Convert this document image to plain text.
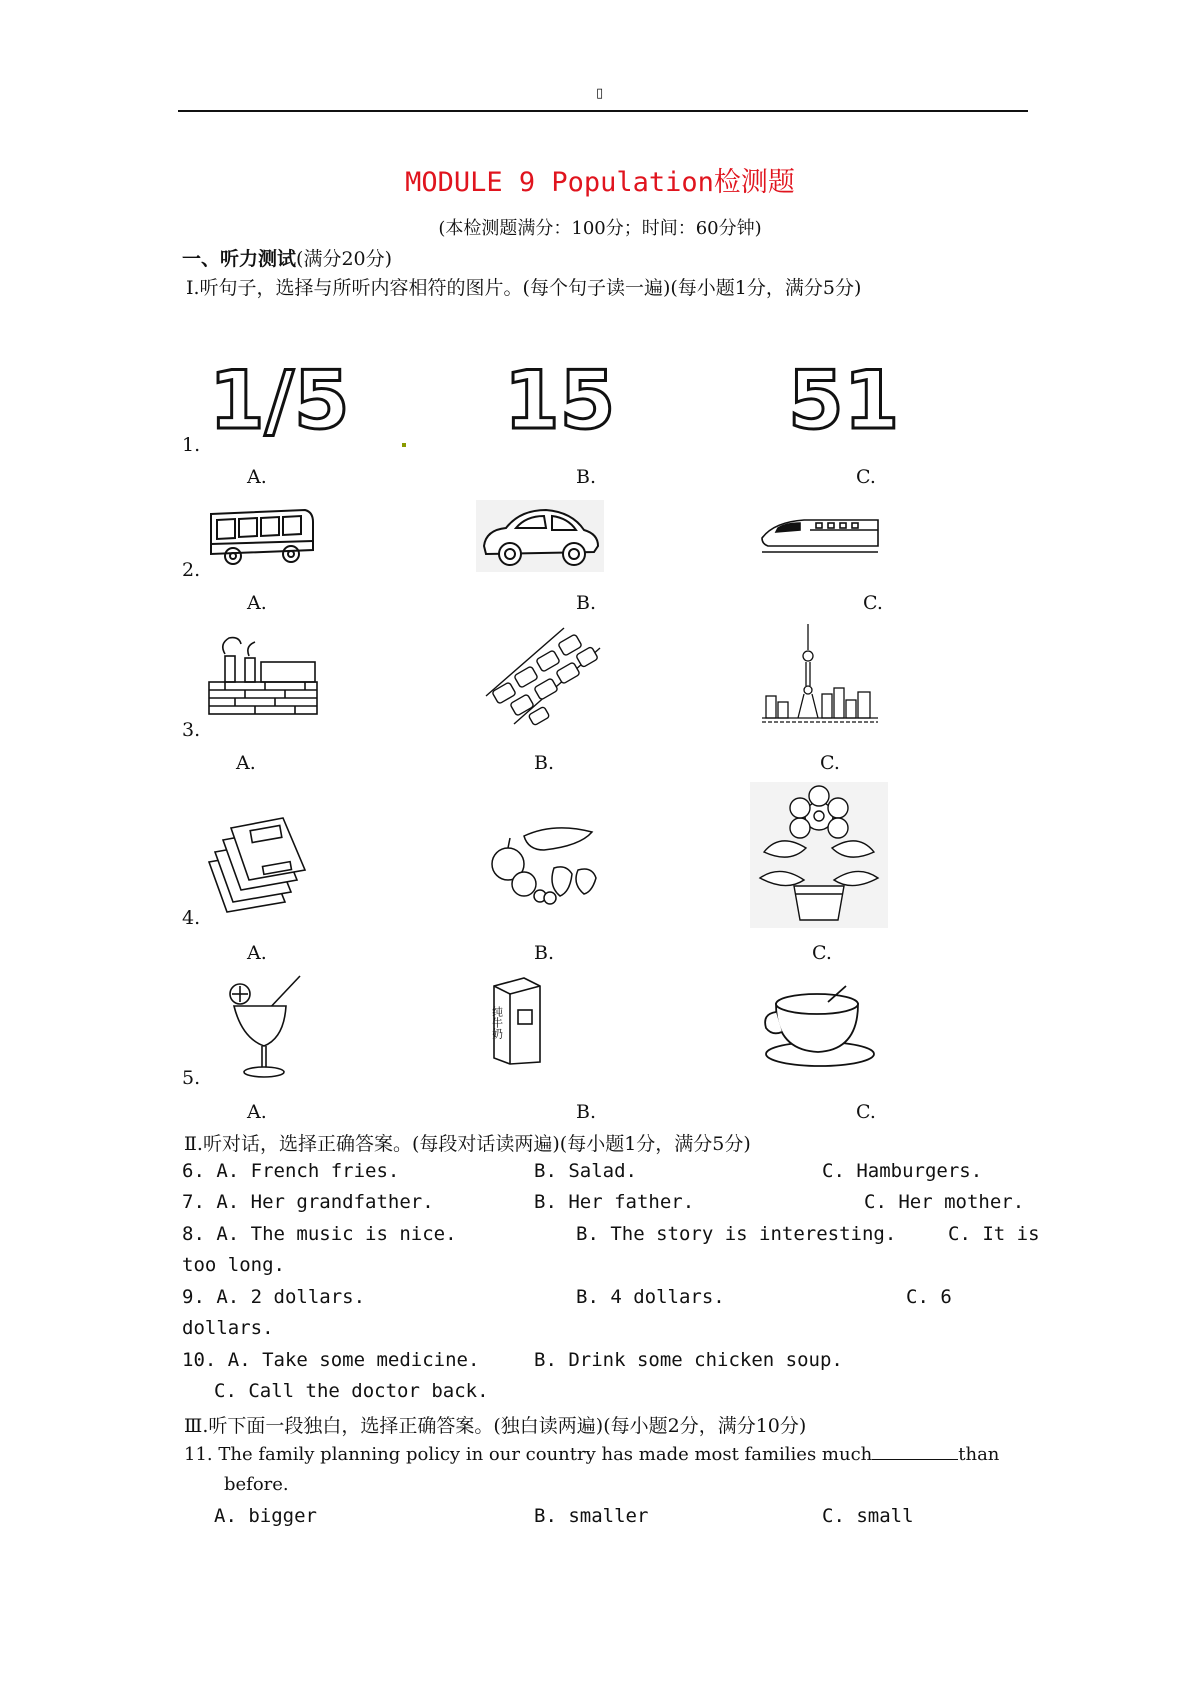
▯
MODULE 9 Population检测题
(本检测题满分：100分；时间：60分钟)
一、听力测试(满分20分)
Ⅰ.听句子，选择与所听内容相符的图片。(每个句子读一遍)(每小题1分，满分5分)
1. 1/5 15 51
A.	B.	C.
2.
A.	B.	C.
3.
A.	B.	C.
4.
A.	B.	C.
5.
纯牛奶
A.	B.	C.
Ⅱ.听对话，选择正确答案。(每段对话读两遍)(每小题1分，满分5分)
6. A. French fries.	B. Salad.	C. Hamburgers.
7. A. Her grandfather.	B. Her father.	C. Her mother.
8. A. The music is nice.	B. The story is interesting.	C. It is
too long.
9. A. 2 dollars.	B. 4 dollars.	C. 6
dollars.
10. A. Take some medicine.	B. Drink some chicken soup.
C. Call the doctor back.
Ⅲ.听下面一段独白，选择正确答案。(独白读两遍)(每小题2分，满分10分)
11. The family planning policy in our country has made most families much	than
before.
A. bigger	B. smaller	C. small
